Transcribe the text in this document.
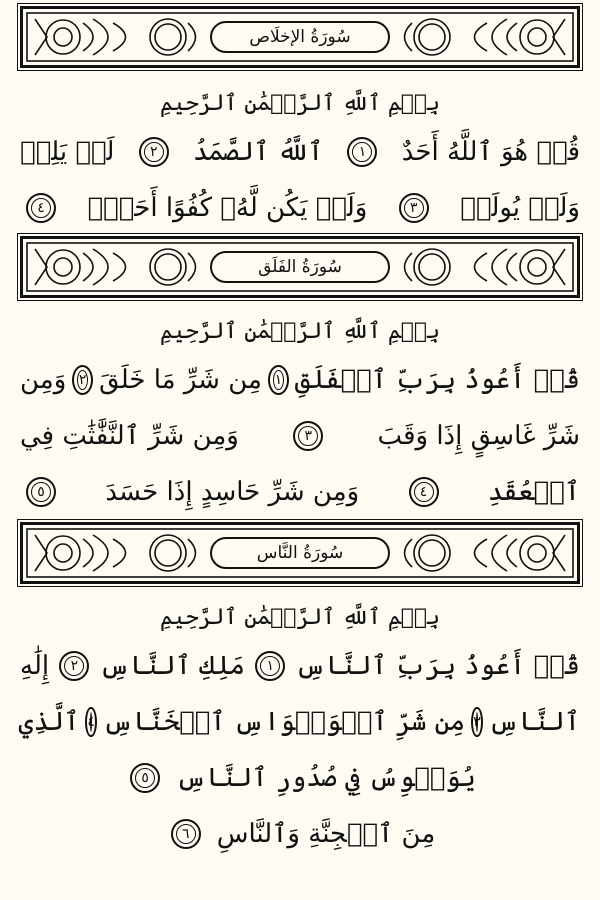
سُورَةُ الإخلَاص
بِسۡمِ ٱللَّهِ ٱلرَّحۡمَٰنِ ٱلرَّحِيمِ
قُلۡ هُوَ ٱللَّهُ أَحَدٌ
١
ٱللَّهُ ٱلصَّمَدُ
٢
لَمۡ يَلِدۡ
وَلَمۡ يُولَدۡ
٣
وَلَمۡ يَكُن لَّهُۥ كُفُوًا أَحَدُۢ
٤
سُورَةُ الفَلَق
بِسۡمِ ٱللَّهِ ٱلرَّحۡمَٰنِ ٱلرَّحِيمِ
قُلۡ أَعُوذُ بِرَبِّ ٱلۡفَلَقِ
١
مِن شَرِّ مَا خَلَقَ
٢
وَمِن
شَرِّ غَاسِقٍ إِذَا وَقَبَ
٣
وَمِن شَرِّ ٱلنَّفَّٰثَٰتِ فِي
ٱلۡعُقَدِ
٤
وَمِن شَرِّ حَاسِدٍ إِذَا حَسَدَ
٥
سُورَةُ النَّاس
بِسۡمِ ٱللَّهِ ٱلرَّحۡمَٰنِ ٱلرَّحِيمِ
قُلۡ أَعُوذُ بِرَبِّ ٱلنَّاسِ
١
مَلِكِ ٱلنَّاسِ
٢
إِلَٰهِ
ٱلنَّاسِ
٣
مِن شَرِّ ٱلۡوَسۡوَاسِ ٱلۡخَنَّاسِ
٤
ٱلَّذِي
يُوَسۡوِسُ فِي صُدُورِ ٱلنَّاسِ
٥
مِنَ ٱلۡجِنَّةِ وَٱلنَّاسِ
٦
